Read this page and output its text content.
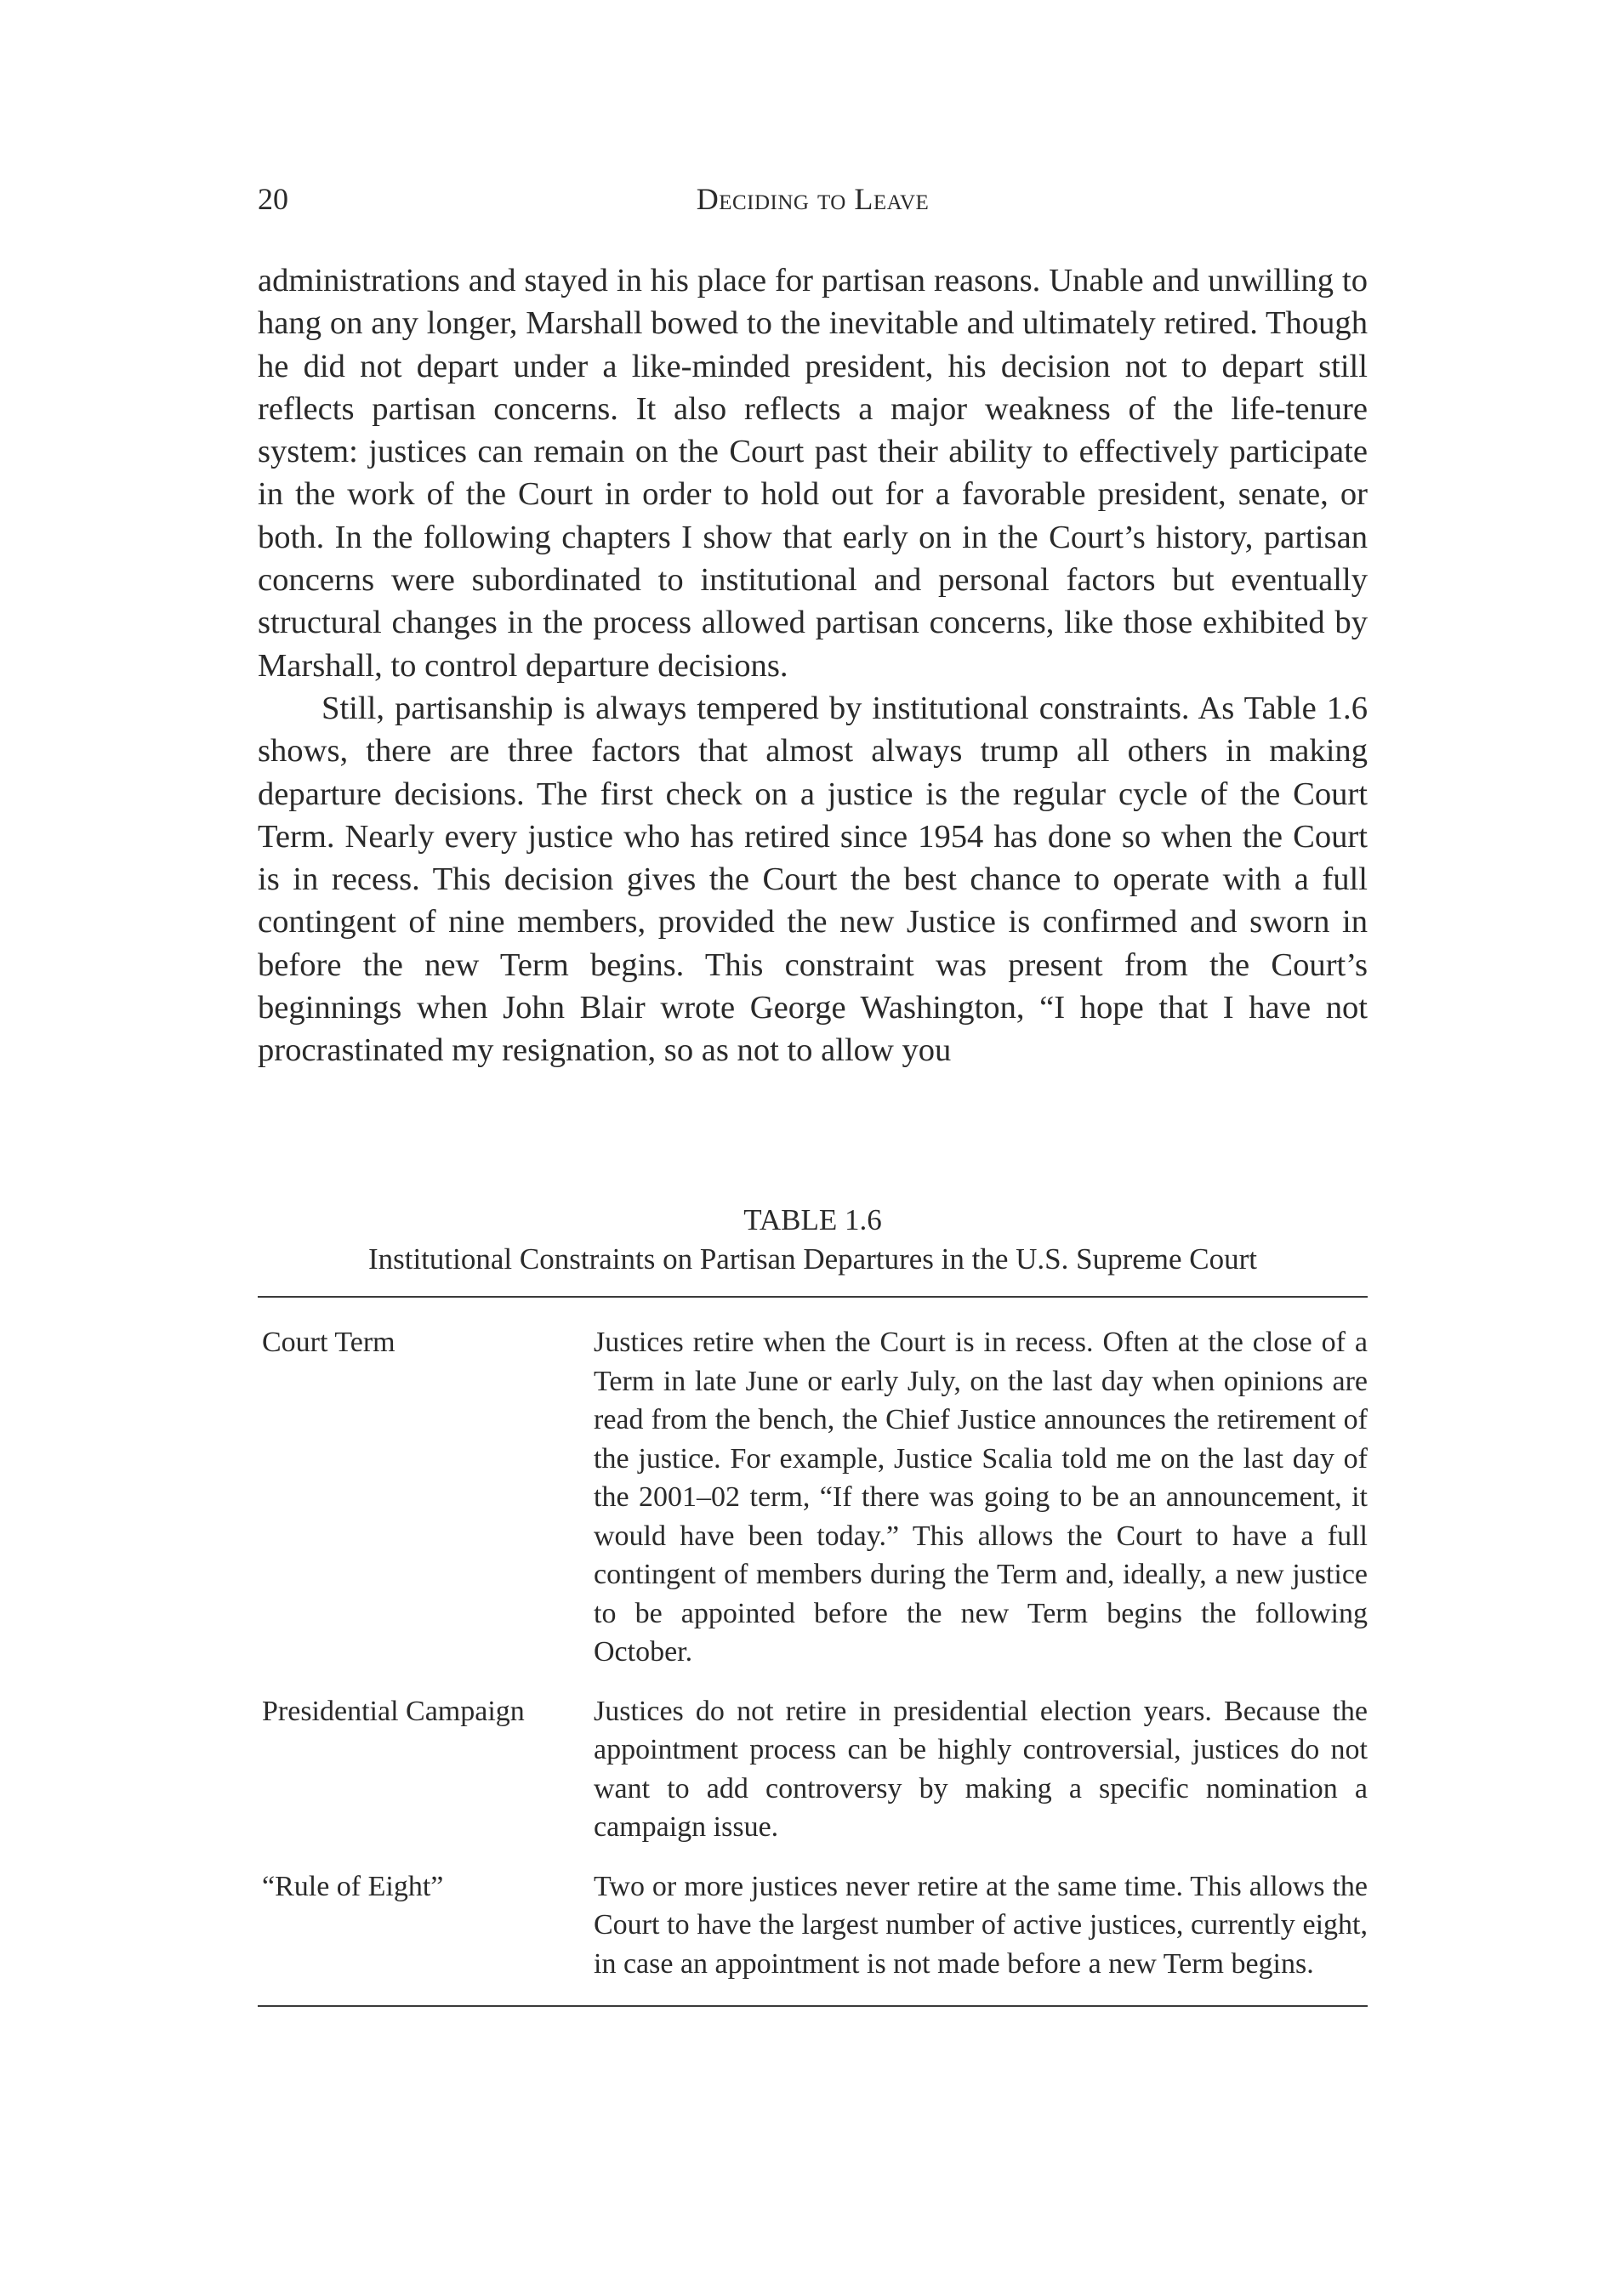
20	Deciding to Leave

administrations and stayed in his place for partisan reasons. Unable and unwilling to hang on any longer, Marshall bowed to the inevitable and ultimately retired. Though he did not depart under a like-minded president, his decision not to depart still reflects partisan concerns. It also reflects a major weakness of the life-tenure system: justices can remain on the Court past their ability to effectively participate in the work of the Court in order to hold out for a favorable president, senate, or both. In the following chapters I show that early on in the Court’s history, partisan concerns were subordinated to institutional and personal factors but eventually structural changes in the process allowed partisan concerns, like those exhibited by Marshall, to control departure decisions.

Still, partisanship is always tempered by institutional constraints. As Table 1.6 shows, there are three factors that almost always trump all others in making departure decisions. The first check on a justice is the regular cycle of the Court Term. Nearly every justice who has retired since 1954 has done so when the Court is in recess. This decision gives the Court the best chance to operate with a full contingent of nine members, provided the new Justice is confirmed and sworn in before the new Term begins. This constraint was present from the Court’s beginnings when John Blair wrote George Washington, “I hope that I have not procrastinated my resignation, so as not to allow you

TABLE 1.6
Institutional Constraints on Partisan Departures in the U.S. Supreme Court
Court Term	Justices retire when the Court is in recess. Often at the close of a Term in late June or early July, on the last day when opinions are read from the bench, the Chief Justice announces the retirement of the justice. For example, Justice Scalia told me on the last day of the 2001–02 term, “If there was going to be an announcement, it would have been today.” This allows the Court to have a full contingent of members during the Term and, ideally, a new justice to be appointed before the new Term begins the following October.
Presidential Campaign	Justices do not retire in presidential election years. Because the appointment process can be highly controversial, justices do not want to add controversy by making a specific nomination a campaign issue.
“Rule of Eight”	Two or more justices never retire at the same time. This allows the Court to have the largest number of active justices, currently eight, in case an appointment is not made before a new Term begins.
